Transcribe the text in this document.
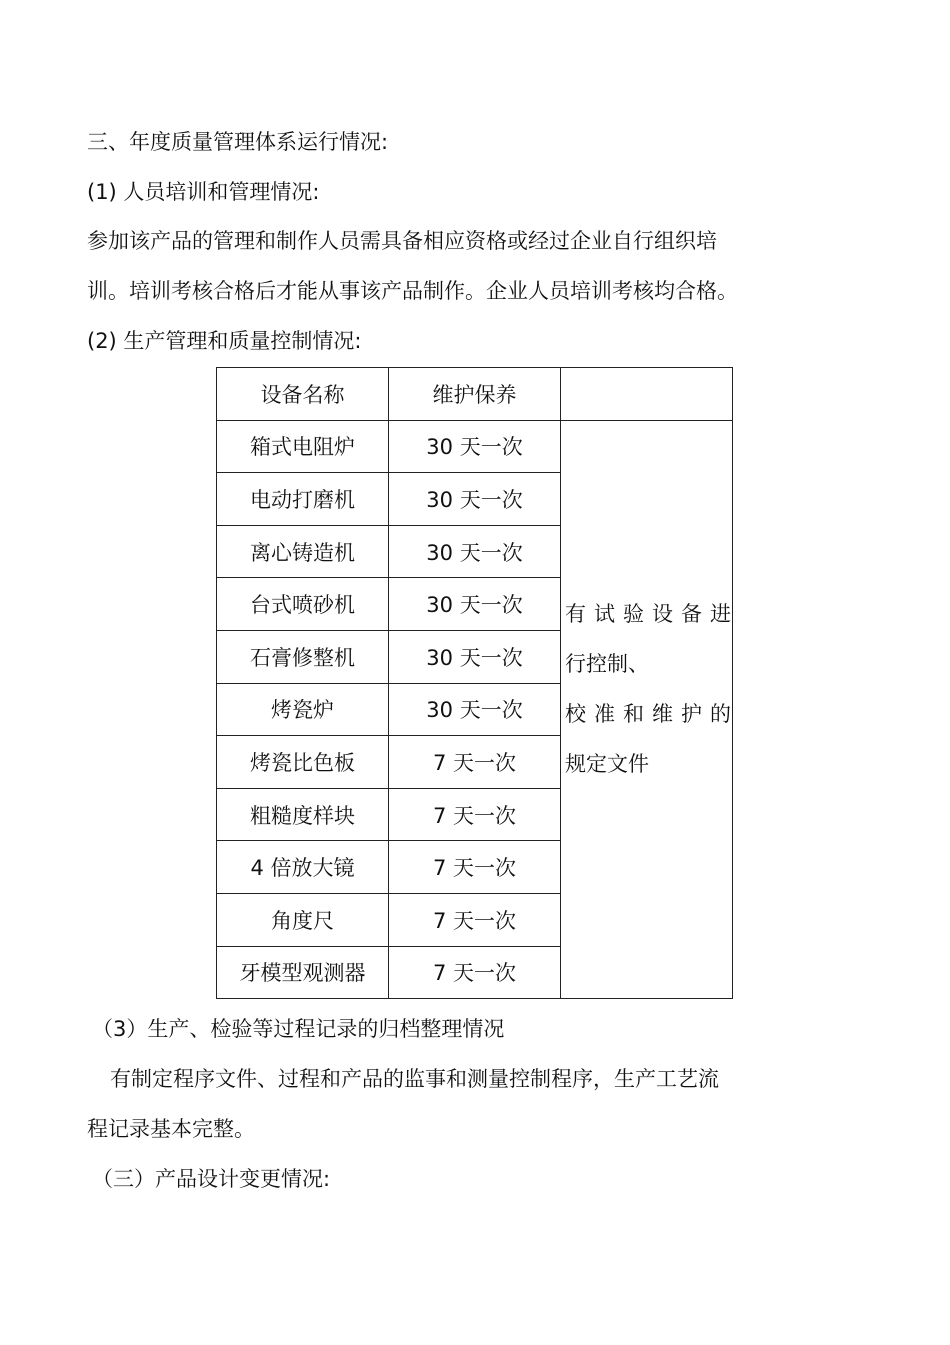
三、年度质量管理体系运行情况:
(1) 人员培训和管理情况:
参加该产品的管理和制作人员需具备相应资格或经过企业自行组织培
训。培训考核合格后才能从事该产品制作。企业人员培训考核均合格。
(2) 生产管理和质量控制情况:
设备名称	维护保养	
箱式电阻炉	30 天一次	有试验设备进
行控制、
校准和维护的
规定文件

电动打磨机	30 天一次	
离心铸造机	30 天一次	
台式喷砂机	30 天一次	
石膏修整机	30 天一次	
烤瓷炉	30 天一次	
烤瓷比色板	7 天一次	
粗糙度样块	7 天一次	
4 倍放大镜	7 天一次	
角度尺	7 天一次	
牙模型观测器	7 天一次	
（3）生产、检验等过程记录的归档整理情况
有制定程序文件、过程和产品的监事和测量控制程序，生产工艺流
程记录基本完整。
（三）产品设计变更情况:
